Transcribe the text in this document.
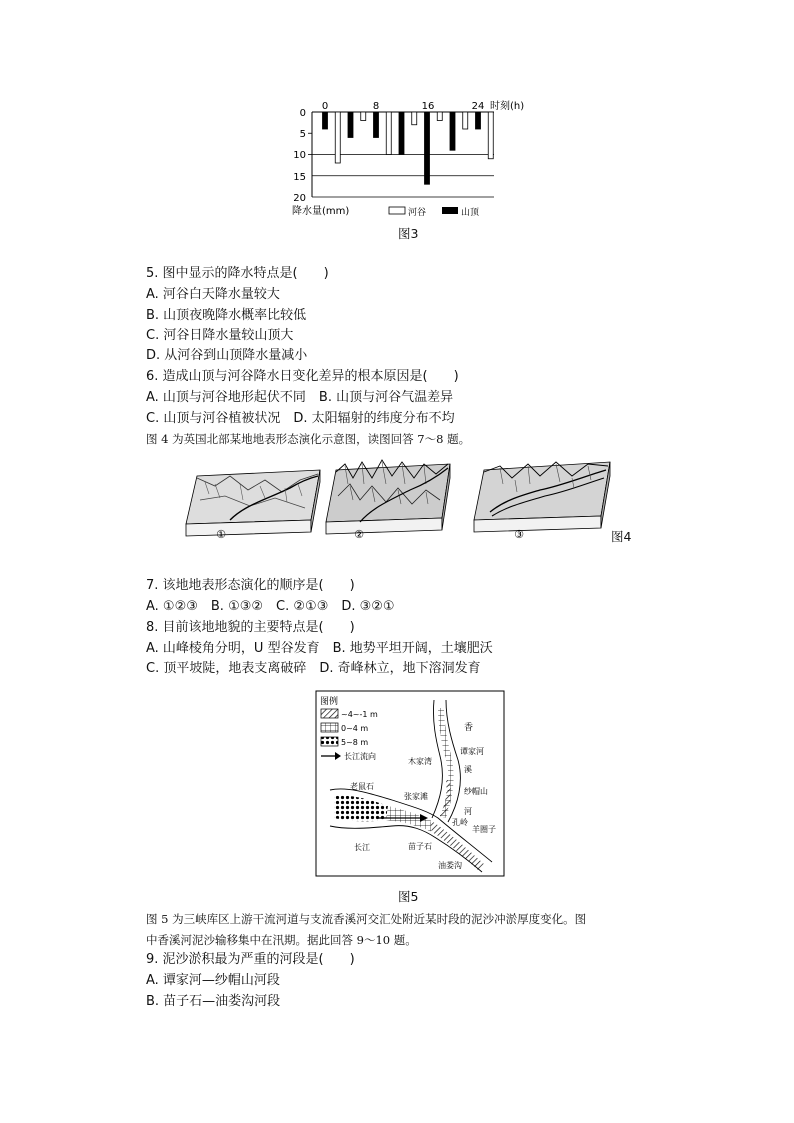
0
5
10
15
20
0	8	16	24 时刻(h)
降水量(mm)	河谷	山顶
图3
5. 图中显示的降水特点是(　　)
A. 河谷白天降水量较大
B. 山顶夜晚降水概率比较低
C. 河谷日降水量较山顶大
D. 从河谷到山顶降水量减小
6. 造成山顶与河谷降水日变化差异的根本原因是(　　)
A. 山顶与河谷地形起伏不同　B. 山顶与河谷气温差异
C. 山顶与河谷植被状况　D. 太阳辐射的纬度分布不均
图 4 为英国北部某地地表形态演化示意图，读图回答 7～8 题。
①	②	③	图4
7. 该地地表形态演化的顺序是(　　)
A. ①②③　B. ①③②　C. ②①③　D. ③②①
8. 目前该地地貌的主要特点是(　　)
A. 山峰棱角分明，U 型谷发育　B. 地势平坦开阔，土壤肥沃
C. 顶平坡陡，地表支离破碎　D. 奇峰林立，地下溶洞发育
图例
~4~-1 m
0~4 m
5~8 m
长江流向
香
谭家河
溪
木家湾
纱帽山
老鼠石
张家滩
河
孔岭
羊圈子
长江	苗子石
油娄沟
图5
图 5 为三峡库区上游干流河道与支流香溪河交汇处附近某时段的泥沙冲淤厚度变化。图
中香溪河泥沙输移集中在汛期。据此回答 9～10 题。
9. 泥沙淤积最为严重的河段是(　　)
A. 谭家河—纱帽山河段
B. 苗子石—油娄沟河段
